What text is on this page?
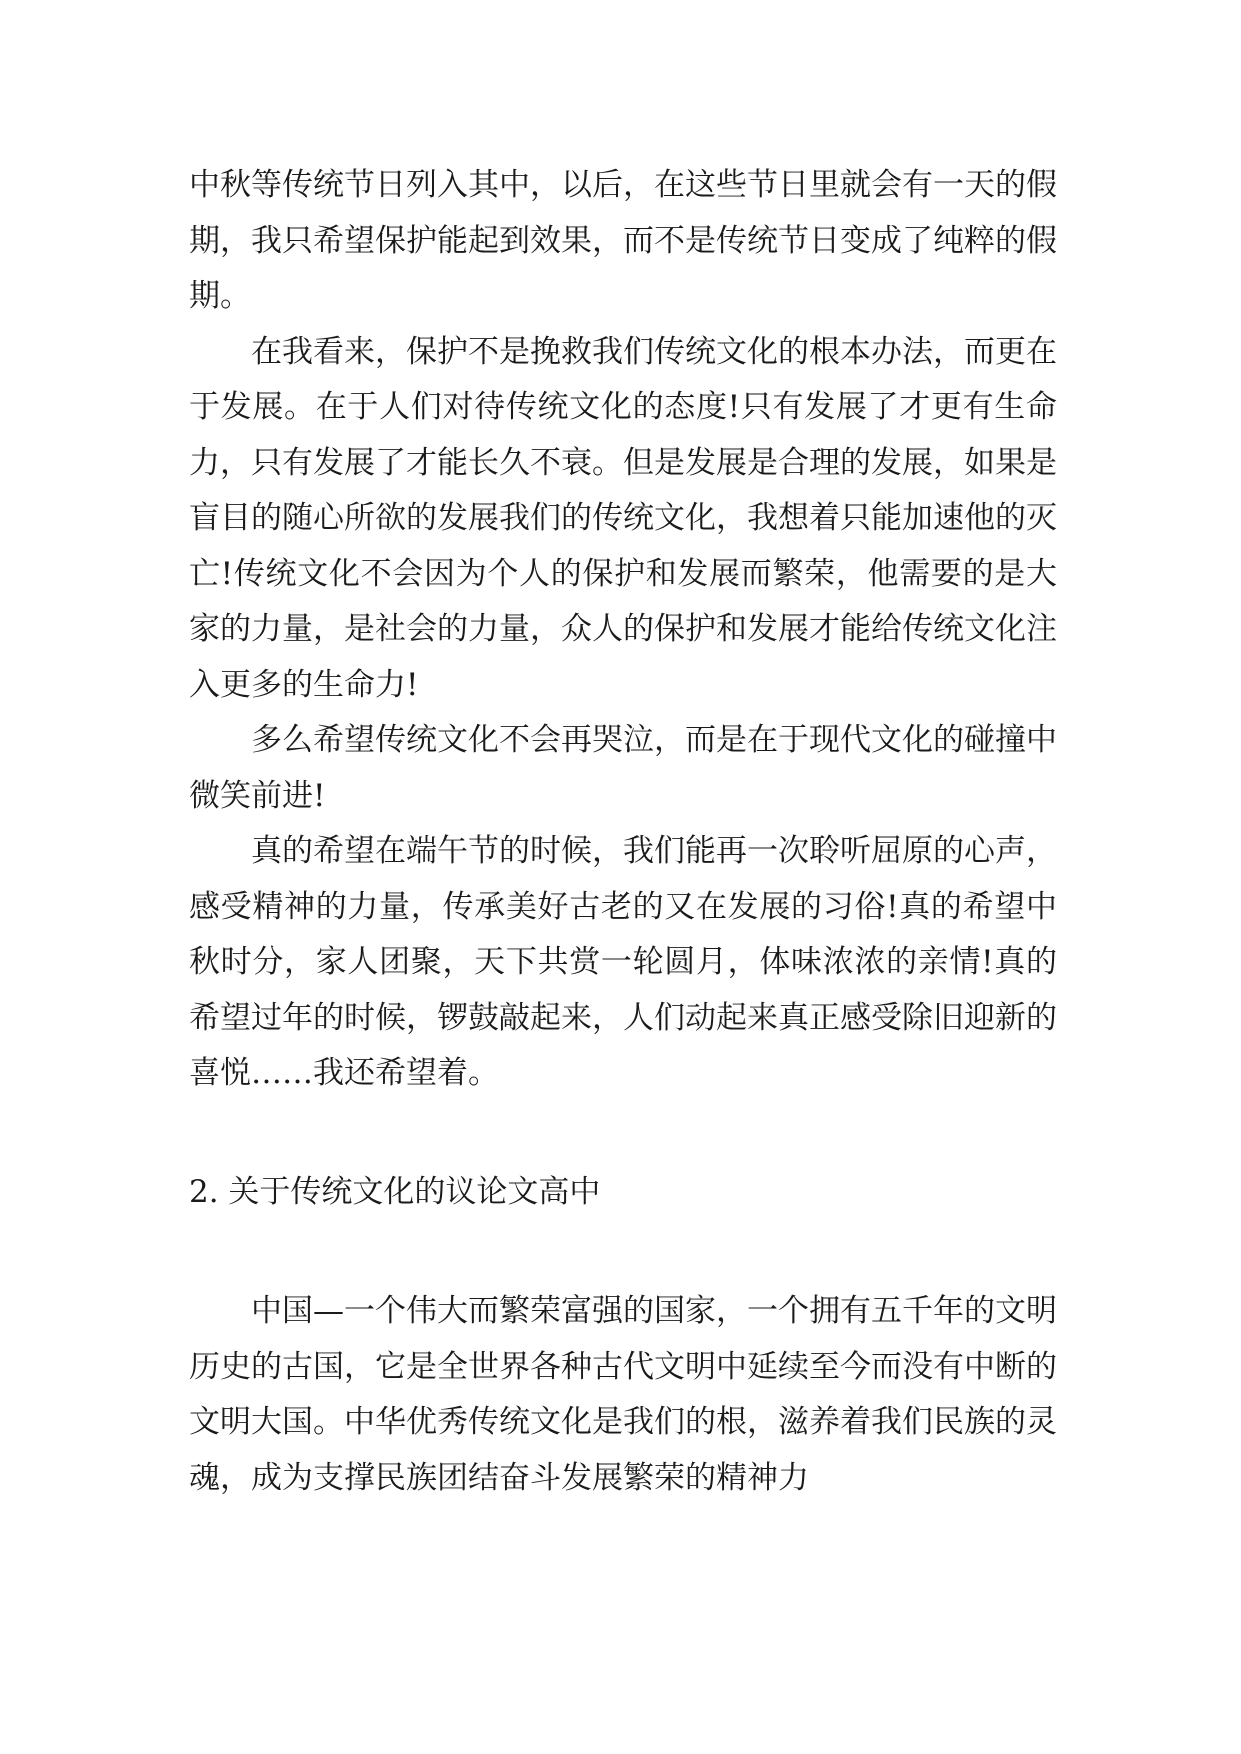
中秋等传统节日列入其中，以后，在这些节日里就会有一天的假期，我只希望保护能起到效果，而不是传统节日变成了纯粹的假期。

在我看来，保护不是挽救我们传统文化的根本办法，而更在于发展。在于人们对待传统文化的态度!只有发展了才更有生命力，只有发展了才能长久不衰。但是发展是合理的发展，如果是盲目的随心所欲的发展我们的传统文化，我想着只能加速他的灭亡!传统文化不会因为个人的保护和发展而繁荣，他需要的是大家的力量，是社会的力量，众人的保护和发展才能给传统文化注入更多的生命力!

多么希望传统文化不会再哭泣，而是在于现代文化的碰撞中微笑前进!

真的希望在端午节的时候，我们能再一次聆听屈原的心声，感受精神的力量，传承美好古老的又在发展的习俗!真的希望中秋时分，家人团聚，天下共赏一轮圆月，体味浓浓的亲情!真的希望过年的时候，锣鼓敲起来，人们动起来真正感受除旧迎新的喜悦……我还希望着。

2. 关于传统文化的议论文高中

中国—一个伟大而繁荣富强的国家，一个拥有五千年的文明历史的古国，它是全世界各种古代文明中延续至今而没有中断的文明大国。中华优秀传统文化是我们的根，滋养着我们民族的灵魂，成为支撑民族团结奋斗发展繁荣的精神力
